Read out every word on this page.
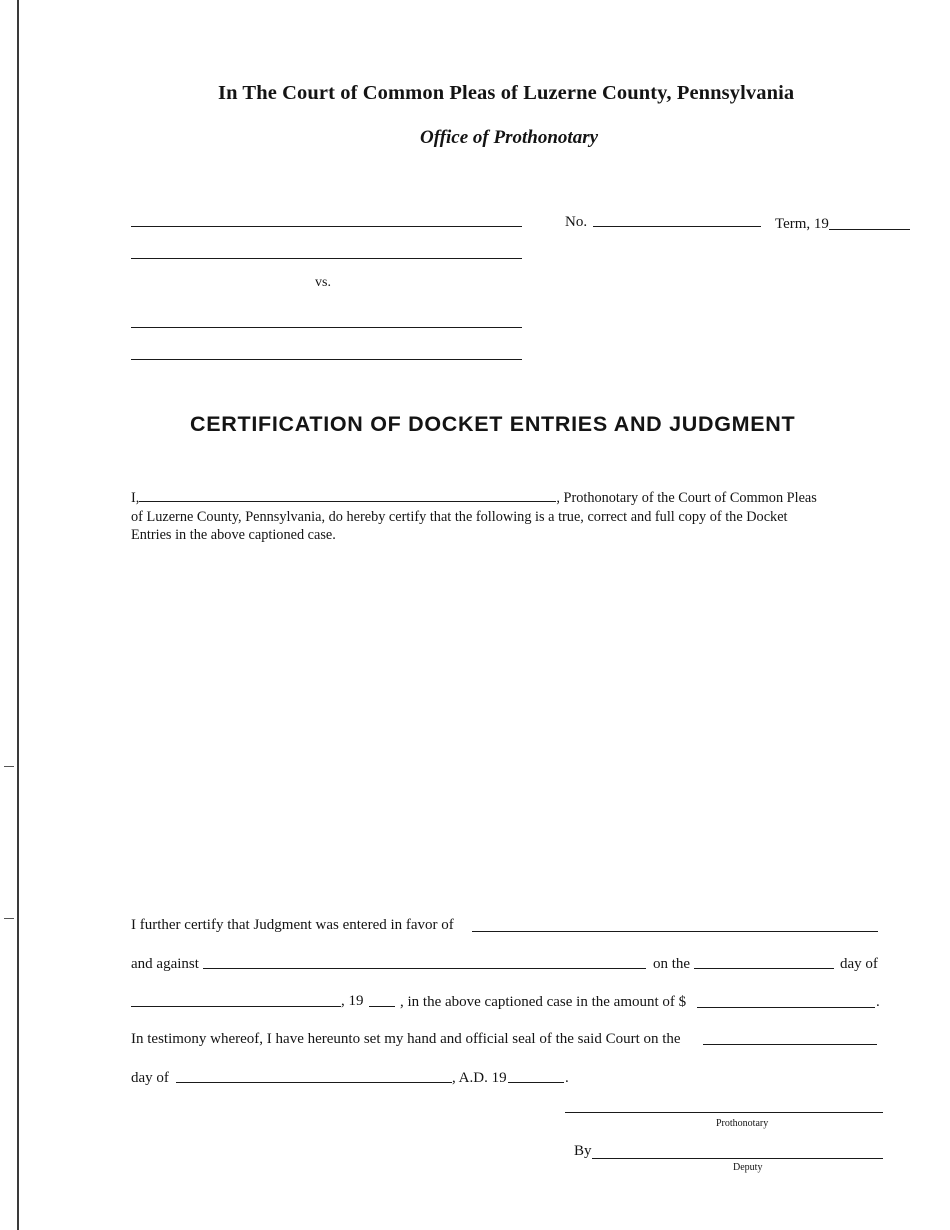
In The Court of Common Pleas of Luzerne County, Pennsylvania
Office of Prothonotary
vs.
No.	Term, 19
CERTIFICATION OF DOCKET ENTRIES AND JUDGMENT

I,	, Prothonotary of the Court of Common Pleas

of Luzerne County, Pennsylvania, do hereby certify that the following is a true, correct and full copy of the Docket

Entries in the above captioned case.

I further certify that Judgment was entered in favor of
and against	on the	day of
, 19 , in the above captioned case in the amount of $	.
In testimony whereof, I have hereunto set my hand and official seal of the said Court on the
day of	, A.D. 19	.
Prothonotary
By
Deputy
